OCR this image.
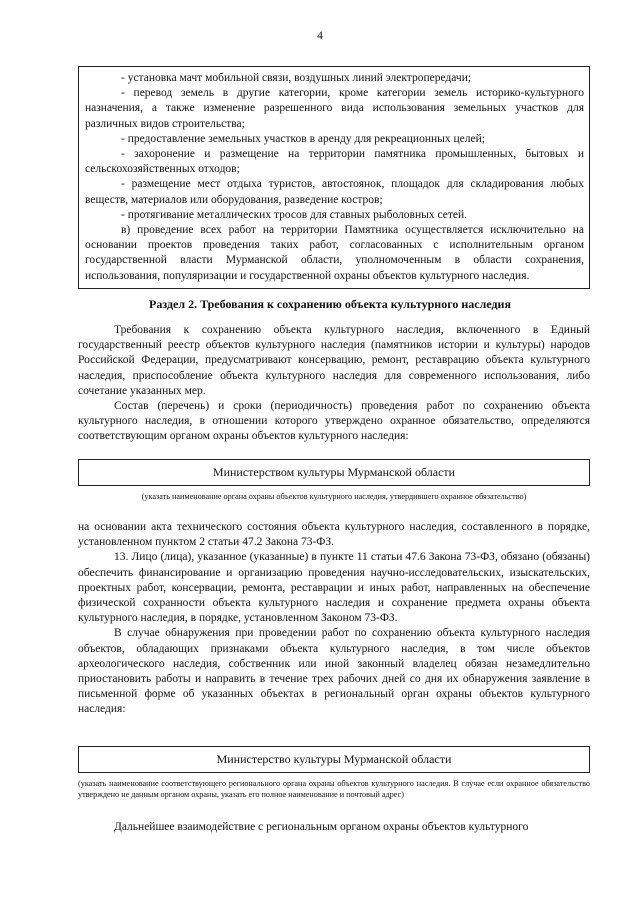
4

- установка мачт мобильной связи, воздушных линий электропередачи;

- перевод земель в другие категории, кроме категории земель историко-культурного назначения, а также изменение разрешенного вида использования земельных участков для различных видов строительства;

- предоставление земельных участков в аренду для рекреационных целей;

- захоронение и размещение на территории памятника промышленных, бытовых и сельскохозяйственных отходов;

- размещение мест отдыха туристов, автостоянок, площадок для складирования любых веществ, материалов или оборудования, разведение костров;

- протягивание металлических тросов для ставных рыболовных сетей.

в) проведение всех работ на территории Памятника осуществляется исключительно на основании проектов проведения таких работ, согласованных с исполнительным органом государственной власти Мурманской области, уполномоченным в области сохранения, использования, популяризации и государственной охраны объектов культурного наследия.

Раздел 2. Требования к сохранению объекта культурного наследия

Требования к сохранению объекта культурного наследия, включенного в Единый государственный реестр объектов культурного наследия (памятников истории и культуры) народов Российской Федерации, предусматривают консервацию, ремонт, реставрацию объекта культурного наследия, приспособление объекта культурного наследия для современного использования, либо сочетание указанных мер.

Состав (перечень) и сроки (периодичность) проведения работ по сохранению объекта культурного наследия, в отношении которого утверждено охранное обязательство, определяются соответствующим органом охраны объектов культурного наследия:

Министерством культуры Мурманской области
(указать наименование органа охраны объектов культурного наследия, утвердившего охранное обязательство)

на основании акта технического состояния объекта культурного наследия, составленного в порядке, установленном пунктом 2 статьи 47.2 Закона 73-ФЗ.

13. Лицо (лица), указанное (указанные) в пункте 11 статьи 47.6 Закона 73-ФЗ, обязано (обязаны) обеспечить финансирование и организацию проведения научно-исследовательских, изыскательских, проектных работ, консервации, ремонта, реставрации и иных работ, направленных на обеспечение физической сохранности объекта культурного наследия и сохранение предмета охраны объекта культурного наследия, в порядке, установленном Законом 73-ФЗ.

В случае обнаружения при проведении работ по сохранению объекта культурного наследия объектов, обладающих признаками объекта культурного наследия, в том числе объектов археологического наследия, собственник или иной законный владелец обязан незамедлительно приостановить работы и направить в течение трех рабочих дней со дня их обнаружения заявление в письменной форме об указанных объектах в региональный орган охраны объектов культурного наследия:

Министерство культуры Мурманской области
(указать наименование соответствующего регионального органа охраны объектов культурного наследия. В случае если охранное обязательство утверждено не данным органом охраны, указать его полное наименование и почтовый адрес)

Дальнейшее взаимодействие с региональным органом охраны объектов культурного
